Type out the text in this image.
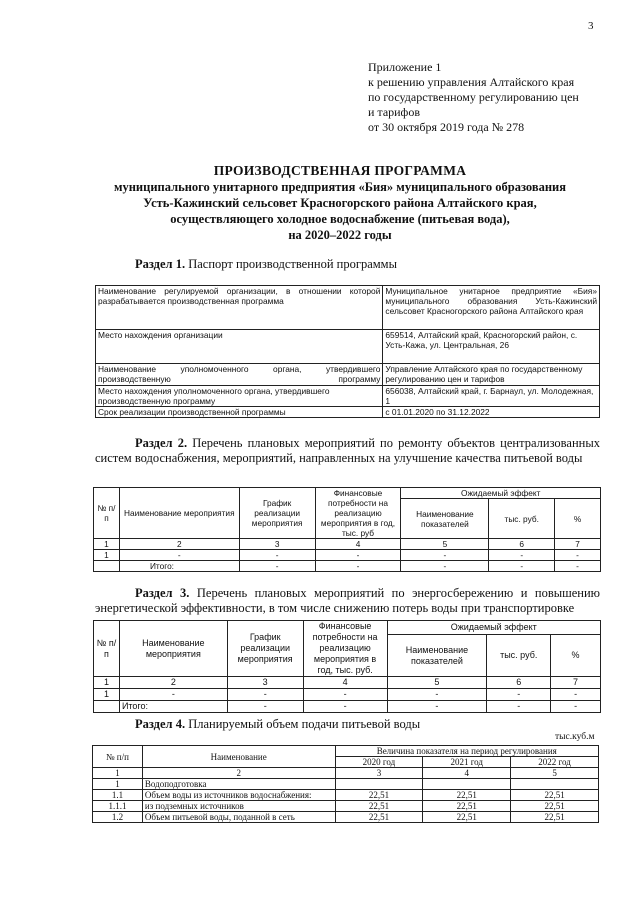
3
Приложение 1
к решению управления Алтайского края
по государственному регулированию цен
и тарифов
от 30 октября 2019 года № 278
ПРОИЗВОДСТВЕННАЯ ПРОГРАММА
муниципального унитарного предприятия «Бия» муниципального образования
Усть-Кажинский сельсовет Красногорского района Алтайского края,
осуществляющего холодное водоснабжение (питьевая вода),
на 2020–2022 годы
Раздел 1. Паспорт производственной программы
Наименование регулируемой организации, в отношении которой разрабатывается производственная программа	Муниципальное унитарное предприятие «Бия» муниципального образования Усть-Кажинский сельсовет Красногорского района Алтайского края
Место нахождения организации	659514, Алтайский край, Красногорский район, с. Усть-Кажа, ул. Центральная, 26
Наименование уполномоченного органа, утвердившего производственную программу	Управление Алтайского края по государственному регулированию цен и тарифов
Место нахождения уполномоченного органа, утвердившего производственную программу	656038, Алтайский край, г. Барнаул, ул. Молодежная, 1
Срок реализации производственной программы	с 01.01.2020 по 31.12.2022
Раздел 2. Перечень плановых мероприятий по ремонту объектов централизованных систем водоснабжения, мероприятий, направленных на улучшение качества питьевой воды
№ п/п	Наименование мероприятия	График реализации мероприятия	Финансовые потребности на реализацию мероприятия в год, тыс. руб	Ожидаемый эффект		
				Наименование показателей	тыс. руб.	%
1	2	3	4	5	6	7
1	-	-	-	-	-	-
	Итого:	-	-	-	-	-
Раздел 3. Перечень плановых мероприятий по энергосбережению и повышению энергетической эффективности, в том числе снижению потерь воды при транспортировке
№ п/п	Наименование мероприятия	График реализации мероприятия	Финансовые потребности на реализацию мероприятия в год, тыс. руб.	Ожидаемый эффект		
				Наименование показателей	тыс. руб.	%
1	2	3	4	5	6	7
1	-	-	-	-	-	-
	Итого:	-	-	-	-	-
Раздел 4. Планируемый объем подачи питьевой воды
тыс.куб.м
№ п/п	Наименование	Величина показателя на период регулирования		
		2020 год	2021 год	2022 год
1	2	3	4	5
1	Водоподготовка			
1.1	Объем воды из источников водоснабжения:	22,51	22,51	22,51
1.1.1	из подземных источников	22,51	22,51	22,51
1.2	Объем питьевой воды, поданной в сеть	22,51	22,51	22,51
